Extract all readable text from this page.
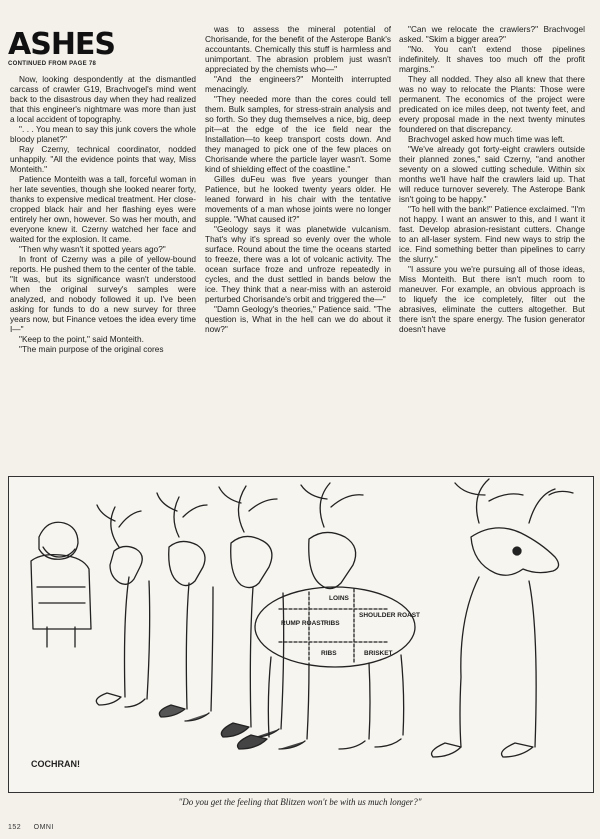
ASHES
CONTINUED FROM PAGE 78

Now, looking despondently at the dismantled carcass of crawler G19, Brachvogel's mind went back to the disastrous day when they had realized that this engineer's nightmare was more than just a local accident of topography.

". . . You mean to say this junk covers the whole bloody planet?"

Ray Czerny, technical coordinator, nodded unhappily. "All the evidence points that way, Miss Monteith."

Patience Monteith was a tall, forceful woman in her late seventies, though she looked nearer forty, thanks to expensive medical treatment. Her close-cropped black hair and her flashing eyes were entirely her own, however. So was her mouth, and everyone knew it. Czerny watched her face and waited for the explosion. It came.

"Then why wasn't it spotted years ago?"

In front of Czerny was a pile of yellow-bound reports. He pushed them to the center of the table. "It was, but its significance wasn't understood when the original survey's samples were analyzed, and nobody followed it up. I've been asking for funds to do a new survey for three years now, but Finance vetoes the idea every time I—"

"Keep to the point," said Monteith.

"The main purpose of the original cores

was to assess the mineral potential of Chorisande, for the benefit of the Asterope Bank's accountants. Chemically this stuff is harmless and unimportant. The abrasion problem just wasn't appreciated by the chemists who—"

"And the engineers?" Monteith interrupted menacingly.

"They needed more than the cores could tell them. Bulk samples, for stress-strain analysis and so forth. So they dug themselves a nice, big, deep pit—at the edge of the ice field near the Installation—to keep transport costs down. And they managed to pick one of the few places on Chorisande where the particle layer wasn't. Some kind of shielding effect of the coastline."

Gilles duFeu was five years younger than Patience, but he looked twenty years older. He leaned forward in his chair with the tentative movements of a man whose joints were no longer supple. "What caused it?"

"Geology says it was planetwide vulcanism. That's why it's spread so evenly over the whole surface. Round about the time the oceans started to freeze, there was a lot of volcanic activity. The ocean surface froze and unfroze repeatedly in cycles, and the dust settled in bands below the ice. They think that a near-miss with an asteroid perturbed Chorisande's orbit and triggered the—"

"Damn Geology's theories," Patience said. "The question is, What in the hell can we do about it now?"

"Can we relocate the crawlers?" Brachvogel asked. "Skim a bigger area?"

"No. You can't extend those pipelines indefinitely. It shaves too much off the profit margins."

They all nodded. They also all knew that there was no way to relocate the Plants: Those were permanent. The economics of the project were predicated on ice miles deep, not twenty feet, and every proposal made in the next twenty minutes foundered on that discrepancy.

Brachvogel asked how much time was left.

"We've already got forty-eight crawlers outside their planned zones," said Czerny, "and another seventy on a slowed cutting schedule. Within six months we'll have half the crawlers laid up. That will reduce turnover severely. The Asterope Bank isn't going to be happy."

"To hell with the bank!" Patience exclaimed. "I'm not happy. I want an answer to this, and I want it fast. Develop abrasion-resistant cutters. Change to an all-laser system. Find new ways to strip the ice. Find something better than pipelines to carry the slurry."

"I assure you we're pursuing all of those ideas, Miss Monteith. But there isn't much room to maneuver. For example, an obvious approach is to liquefy the ice completely, filter out the abrasives, eliminate the cutters altogether. But there isn't the spare energy. The fusion generator doesn't have

LOINS
RUMP ROAST RIBS
SHOULDER ROAST
RIBS	BRISKET
COCHRAN!
"Do you get the feeling that Blitzen won't be with us much longer?"
152 OMNI
